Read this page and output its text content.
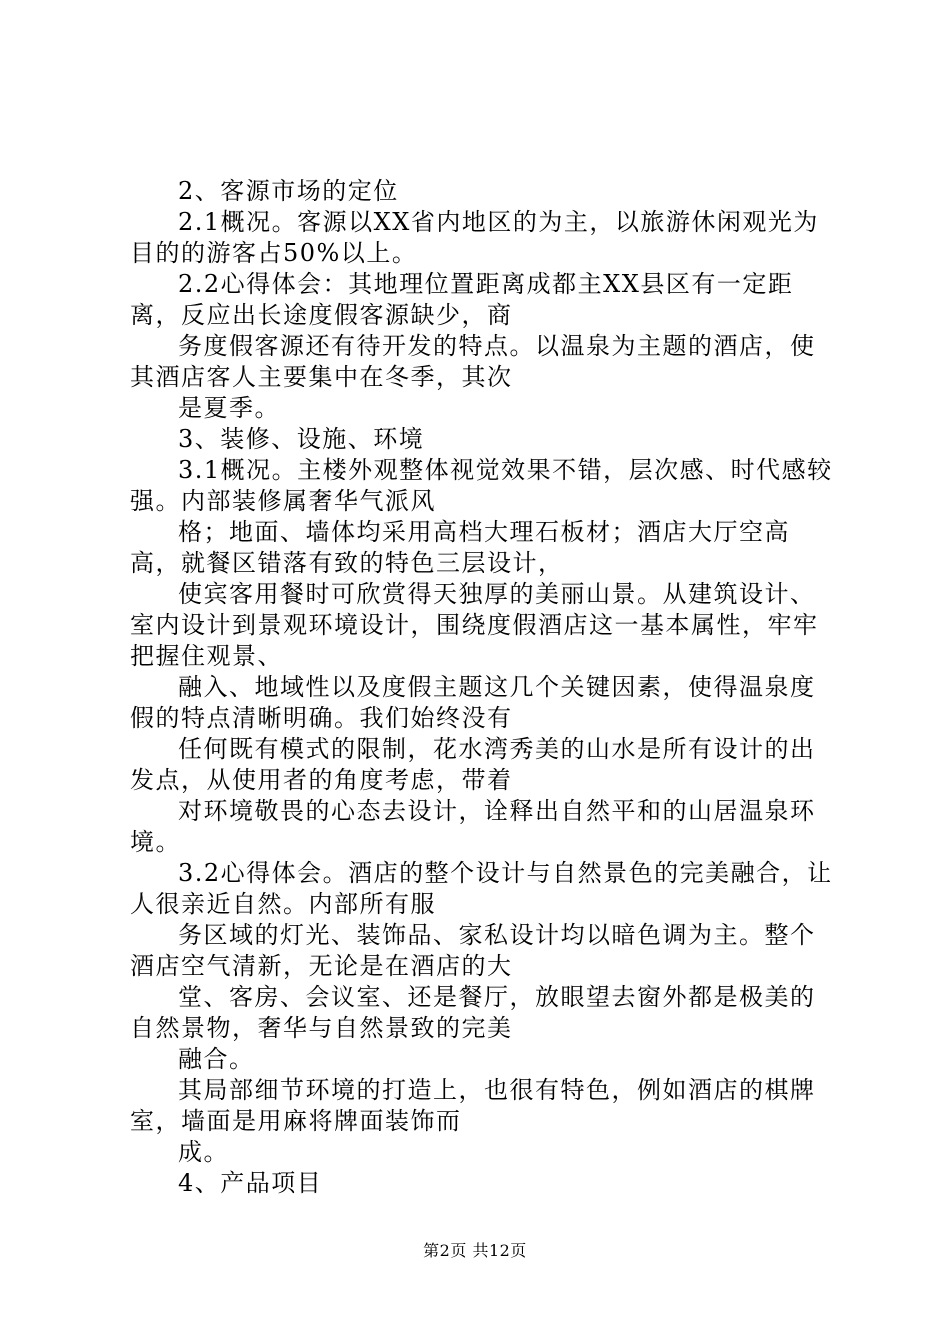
2、客源市场的定位

2.1概况。客源以XX省内地区的为主，以旅游休闲观光为目的的游客占50%以上。

2.2心得体会：其地理位置距离成都主XX县区有一定距离，反应出长途度假客源缺少，商

务度假客源还有待开发的特点。以温泉为主题的酒店，使其酒店客人主要集中在冬季，其次

是夏季。

3、装修、设施、环境

3.1概况。主楼外观整体视觉效果不错，层次感、时代感较强。内部装修属奢华气派风

格；地面、墙体均采用高档大理石板材；酒店大厅空高高，就餐区错落有致的特色三层设计，

使宾客用餐时可欣赏得天独厚的美丽山景。从建筑设计、室内设计到景观环境设计，围绕度假酒店这一基本属性，牢牢把握住观景、

融入、地域性以及度假主题这几个关键因素，使得温泉度假的特点清晰明确。我们始终没有

任何既有模式的限制，花水湾秀美的山水是所有设计的出发点，从使用者的角度考虑，带着

对环境敬畏的心态去设计，诠释出自然平和的山居温泉环境。

3.2心得体会。酒店的整个设计与自然景色的完美融合，让人很亲近自然。内部所有服

务区域的灯光、装饰品、家私设计均以暗色调为主。整个酒店空气清新，无论是在酒店的大

堂、客房、会议室、还是餐厅，放眼望去窗外都是极美的自然景物，奢华与自然景致的完美

融合。

其局部细节环境的打造上，也很有特色，例如酒店的棋牌室，墙面是用麻将牌面装饰而

成。

4、产品项目

第2页 共12页
